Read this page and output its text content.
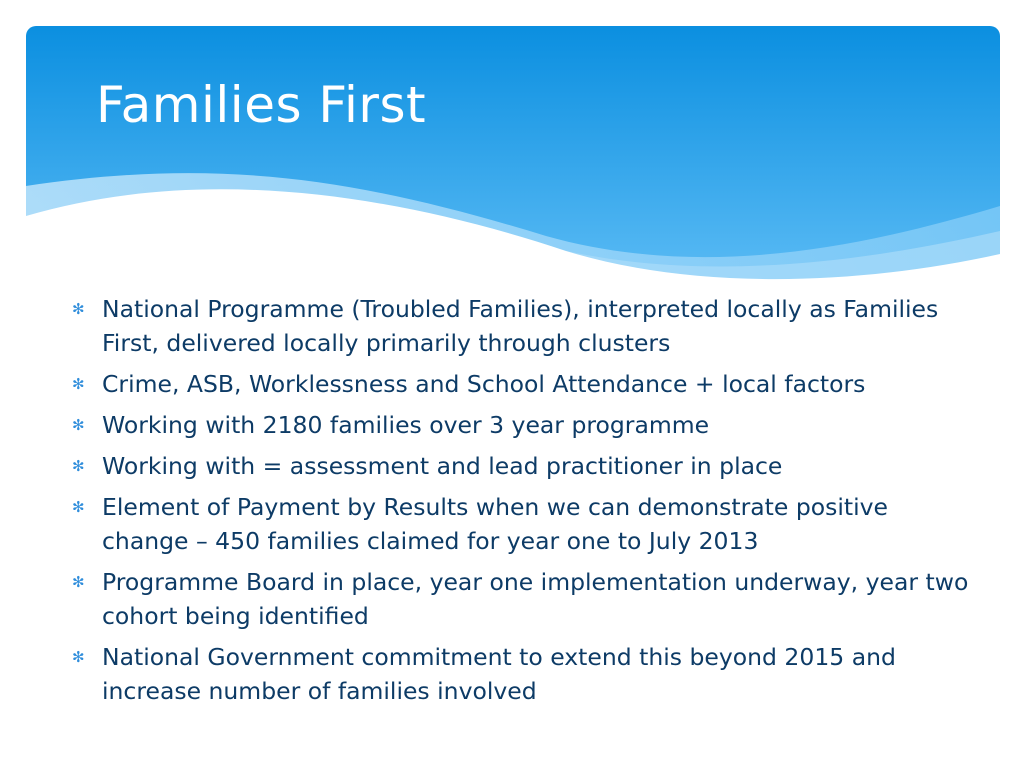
Families First
✻ National Programme (Troubled Families), interpreted locally as Families First, delivered locally primarily through clusters
✻ Crime, ASB, Worklessness and School Attendance + local factors
✻ Working with 2180 families over 3 year programme
✻ Working with = assessment and lead practitioner in place
✻ Element of Payment by Results when we can demonstrate positive change – 450 families claimed for year one to July 2013
✻ Programme Board in place, year one implementation underway, year two cohort being identified
✻ National Government commitment to extend this beyond 2015 and increase number of families involved
